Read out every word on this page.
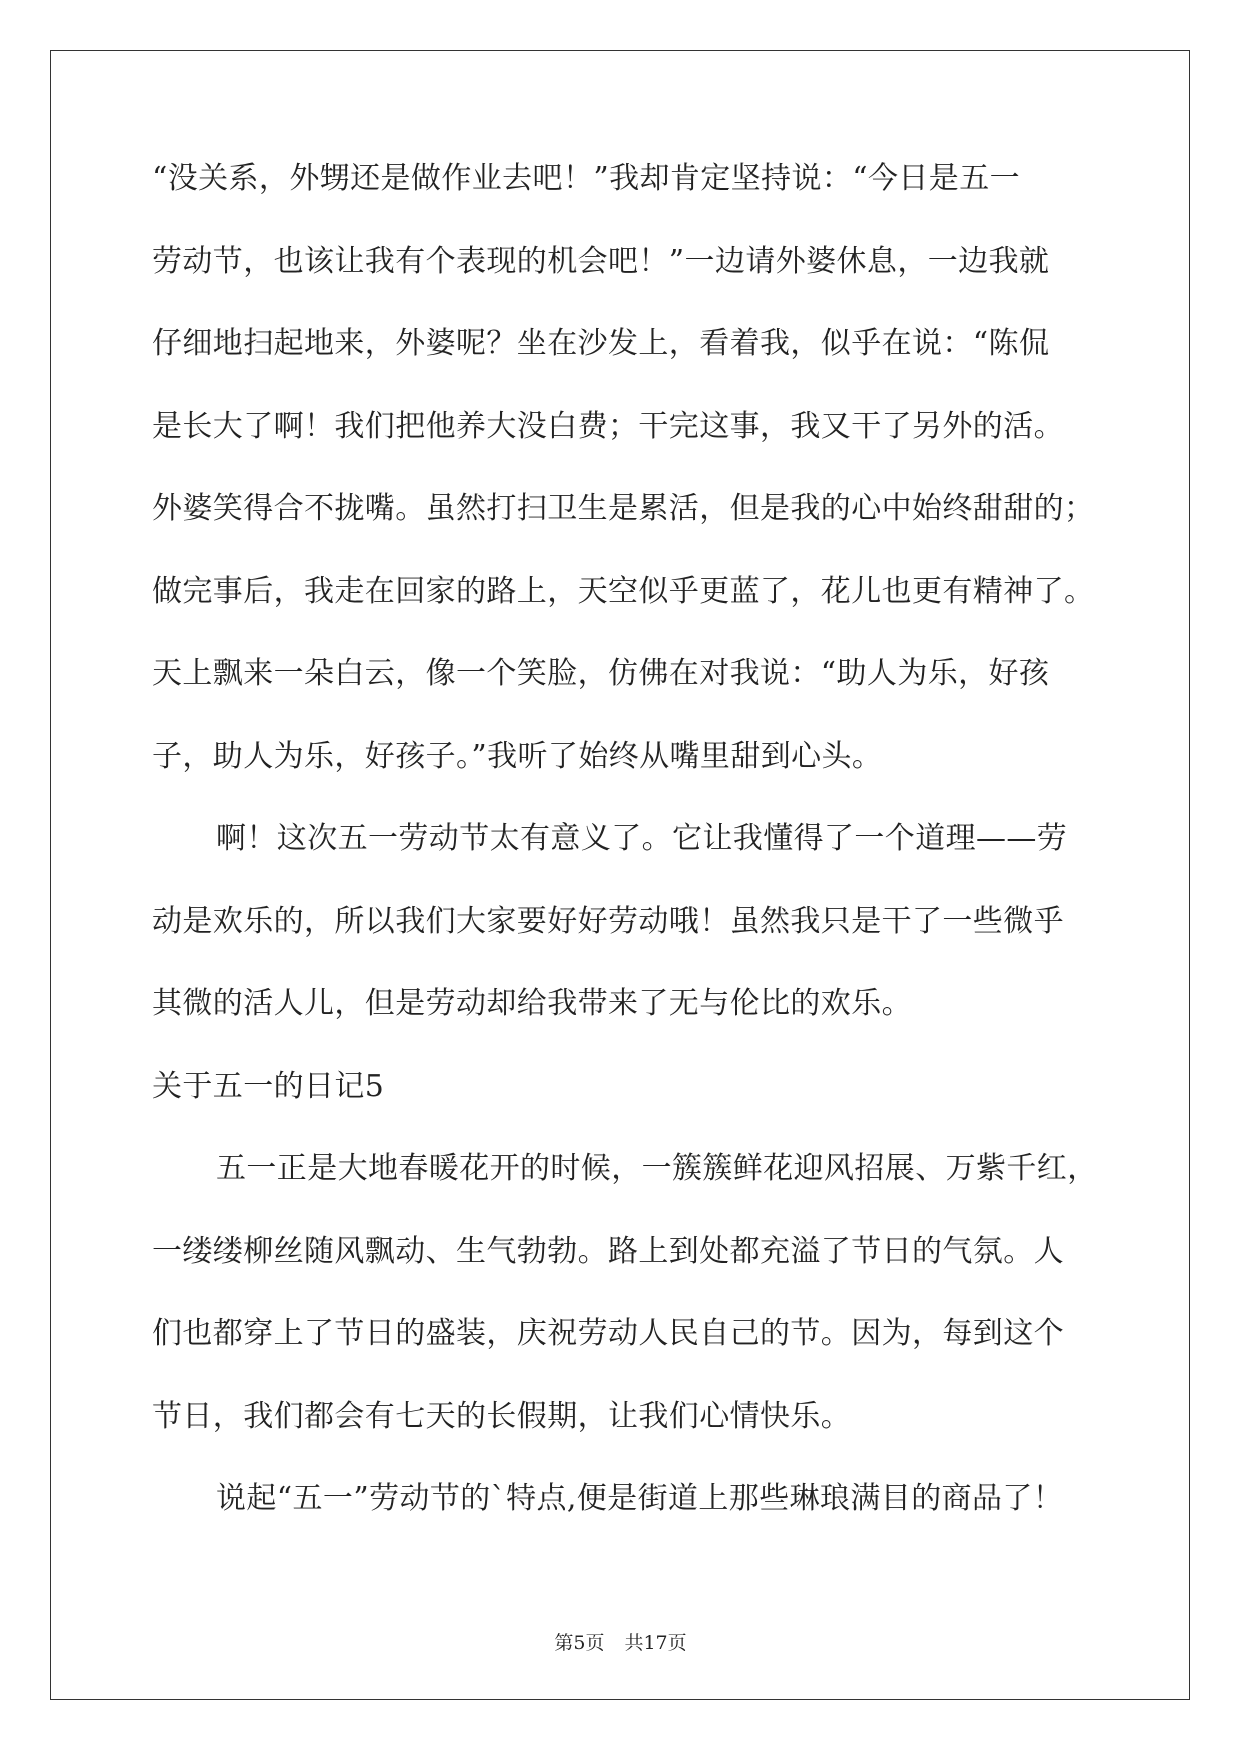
“没关系，外甥还是做作业去吧！”我却肯定坚持说：“今日是五一
劳动节，也该让我有个表现的机会吧！”一边请外婆休息，一边我就
仔细地扫起地来，外婆呢？坐在沙发上，看着我，似乎在说：“陈侃
是长大了啊！我们把他养大没白费；干完这事，我又干了另外的活。
外婆笑得合不拢嘴。虽然打扫卫生是累活，但是我的心中始终甜甜的；
做完事后，我走在回家的路上，天空似乎更蓝了，花儿也更有精神了。
天上飘来一朵白云，像一个笑脸，仿佛在对我说：“助人为乐，好孩
子，助人为乐，好孩子。”我听了始终从嘴里甜到心头。
啊！这次五一劳动节太有意义了。它让我懂得了一个道理——劳
动是欢乐的，所以我们大家要好好劳动哦！虽然我只是干了一些微乎
其微的活人儿，但是劳动却给我带来了无与伦比的欢乐。
关于五一的日记5
五一正是大地春暖花开的时候，一簇簇鲜花迎风招展、万紫千红，
一缕缕柳丝随风飘动、生气勃勃。路上到处都充溢了节日的气氛。人
们也都穿上了节日的盛装，庆祝劳动人民自己的节。因为，每到这个
节日，我们都会有七天的长假期，让我们心情快乐。
说起“五一”劳动节的`特点,便是街道上那些琳琅满目的商品了！
第5页 共17页
